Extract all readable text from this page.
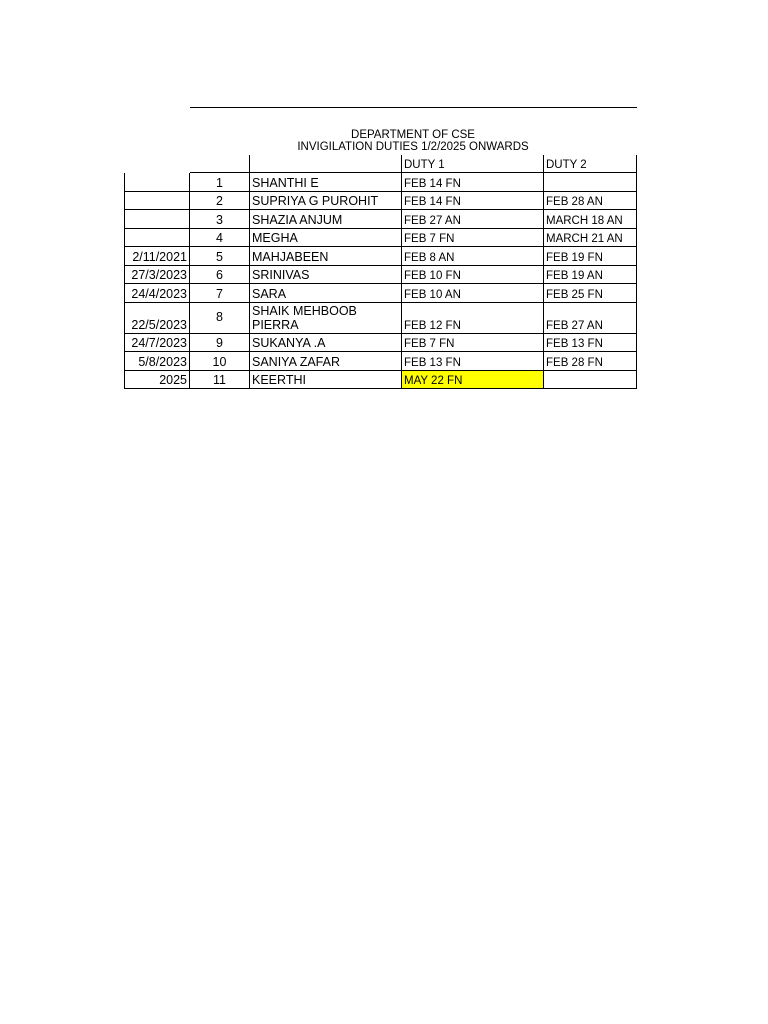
	DEPARTMENT OF CSE
INVIGILATION DUTIES 1/2/2025 ONWARDS			

			DUTY 1	DUTY 2
	1	SHANTHI E	FEB 14 FN	
	2	SUPRIYA G PUROHIT	FEB 14 FN	FEB 28 AN
	3	SHAZIA ANJUM	FEB 27 AN	MARCH 18 AN
	4	MEGHA	FEB 7 FN	MARCH 21 AN
2/11/2021	5	MAHJABEEN	FEB 8 AN	FEB 19 FN
27/3/2023	6	SRINIVAS	FEB 10 FN	FEB 19 AN
24/4/2023	7	SARA	FEB 10 AN	FEB 25 FN
22/5/2023	8	SHAIK MEHBOOB PIERRA	FEB 12 FN	FEB 27 AN
24/7/2023	9	SUKANYA .A	FEB 7 FN	FEB 13 FN
5/8/2023	10	SANIYA ZAFAR	FEB 13 FN	FEB 28 FN
2025	11	KEERTHI	MAY 22 FN	
